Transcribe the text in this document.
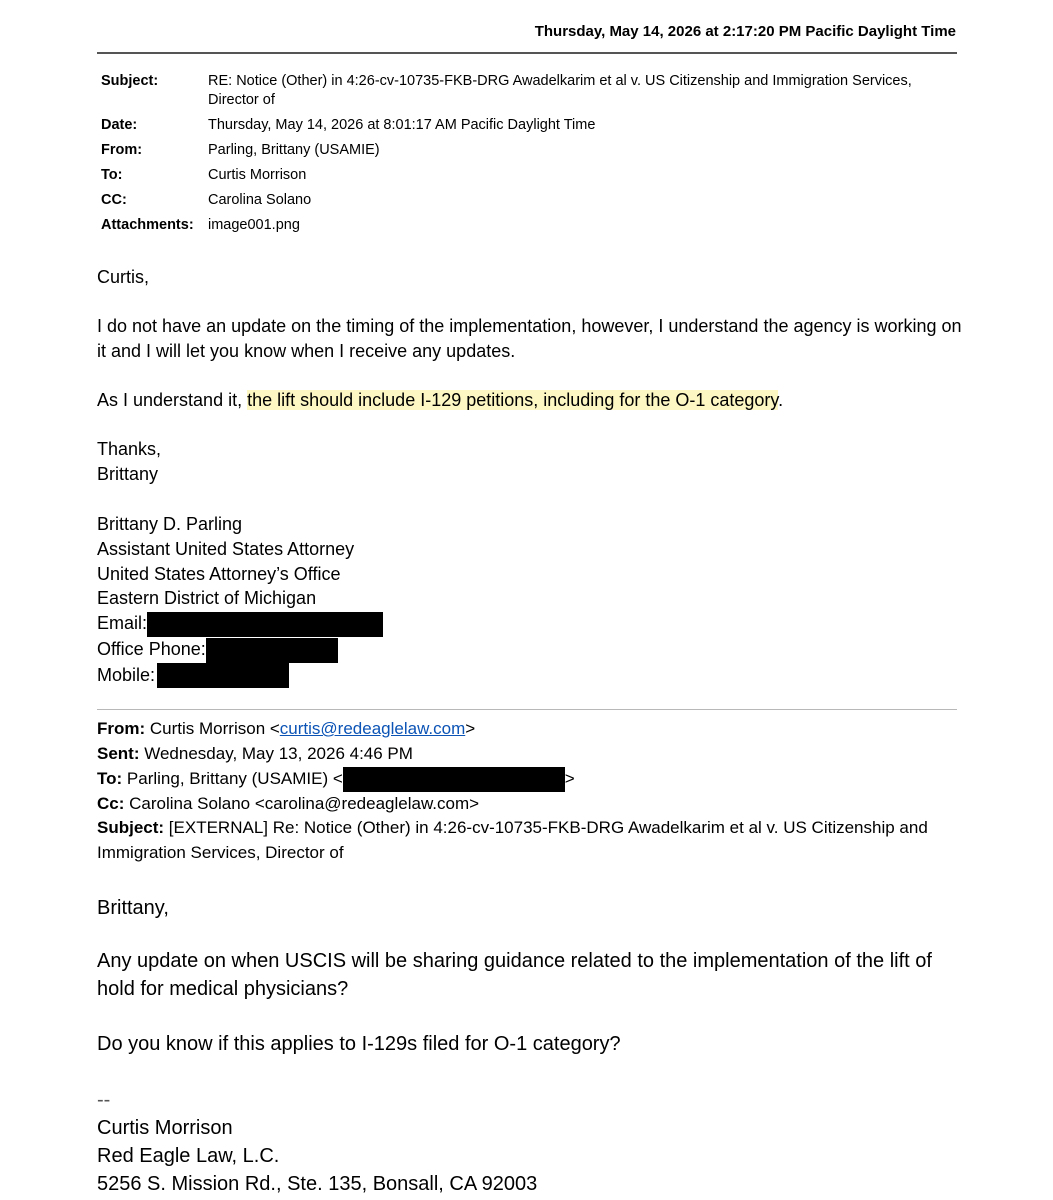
Thursday, May 14, 2026 at 2:17:20 PM Pacific Daylight Time
Subject:	RE: Notice (Other) in 4:26-cv-10735-FKB-DRG Awadelkarim et al v. US Citizenship and Immigration Services, Director of
Date:	Thursday, May 14, 2026 at 8:01:17 AM Pacific Daylight Time
From:	Parling, Brittany (USAMIE)
To:	Curtis Morrison
CC:	Carolina Solano
Attachments: image001.png
Curtis,
I do not have an update on the timing of the implementation, however, I understand the agency is working on it and I will let you know when I receive any updates.
As I understand it, the lift should include I-129 petitions, including for the O-1 category.
Thanks,
Brittany
Brittany D. Parling
Assistant United States Attorney
United States Attorney’s Office
Eastern District of Michigan
Email:
Office Phone:
Mobile:
From: Curtis Morrison <curtis@redeaglelaw.com>
Sent: Wednesday, May 13, 2026 4:46 PM
To: Parling, Brittany (USAMIE) <	>
Cc: Carolina Solano <carolina@redeaglelaw.com>
Subject: [EXTERNAL] Re: Notice (Other) in 4:26-cv-10735-FKB-DRG Awadelkarim et al v. US Citizenship and Immigration Services, Director of
Brittany,
Any update on when USCIS will be sharing guidance related to the implementation of the lift of hold for medical physicians?
Do you know if this applies to I-129s filed for O-1 category?
--
Curtis Morrison
Red Eagle Law, L.C.
5256 S. Mission Rd., Ste. 135, Bonsall, CA 92003
